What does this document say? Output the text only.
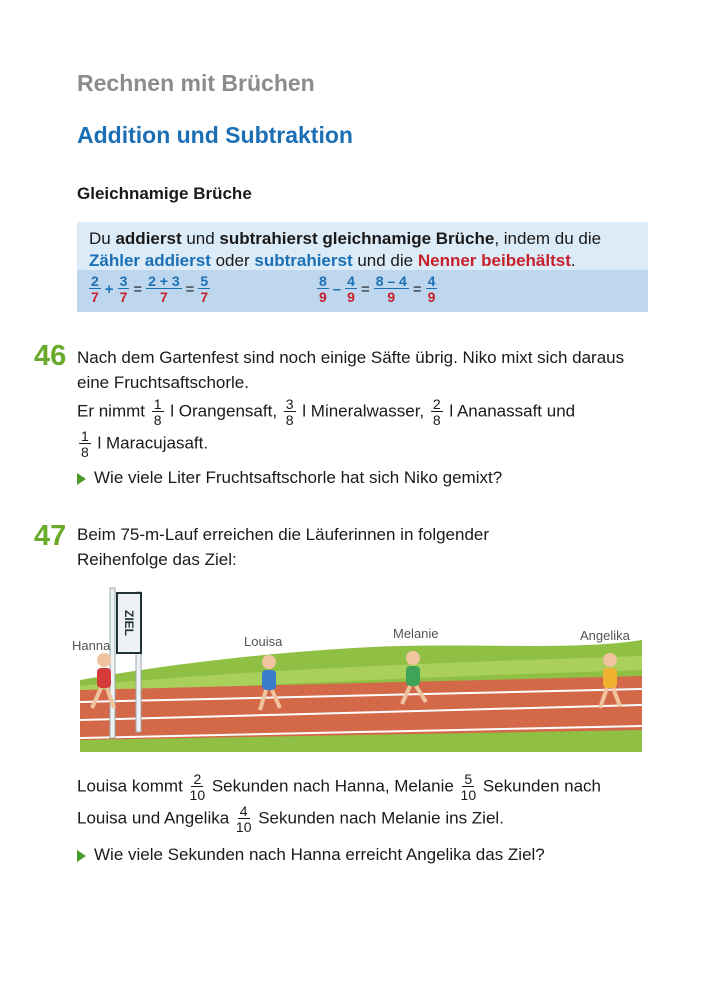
Rechnen mit Brüchen
Addition und Subtraktion
Gleichnamige Brüche
Du addierst und subtrahierst gleichnamige Brüche, indem du die
Zähler addierst oder subtrahierst und die Nenner beibehältst.
$\frac{2}{7} + \frac{3}{7} = \frac{2 + 3}{7} = \frac{5}{7}$	$\frac{8}{9} - \frac{4}{9} = \frac{8 - 4}{9} = \frac{4}{9}$
46 Nach dem Gartenfest sind noch einige Säfte übrig. Niko mixt sich daraus
eine Fruchtsaftschorle.
Er nimmt $\frac{1}{8}$ l Orangensaft, $\frac{3}{8}$ l Mineralwasser, $\frac{2}{8}$ l Ananassaft und
$\frac{1}{8}$ l Maracujasaft.
Wie viele Liter Fruchtsaftschorle hat sich Niko gemixt?
47 Beim 75-m-Lauf erreichen die Läuferinnen in folgender
Reihenfolge das Ziel:
ZIEL
Hanna	Louisa
Melanie	Angelika
Louisa kommt $\frac{2}{10}$ Sekunden nach Hanna, Melanie $\frac{5}{10}$ Sekunden nach
Louisa und Angelika $\frac{4}{10}$ Sekunden nach Melanie ins Ziel.
Wie viele Sekunden nach Hanna erreicht Angelika das Ziel?
